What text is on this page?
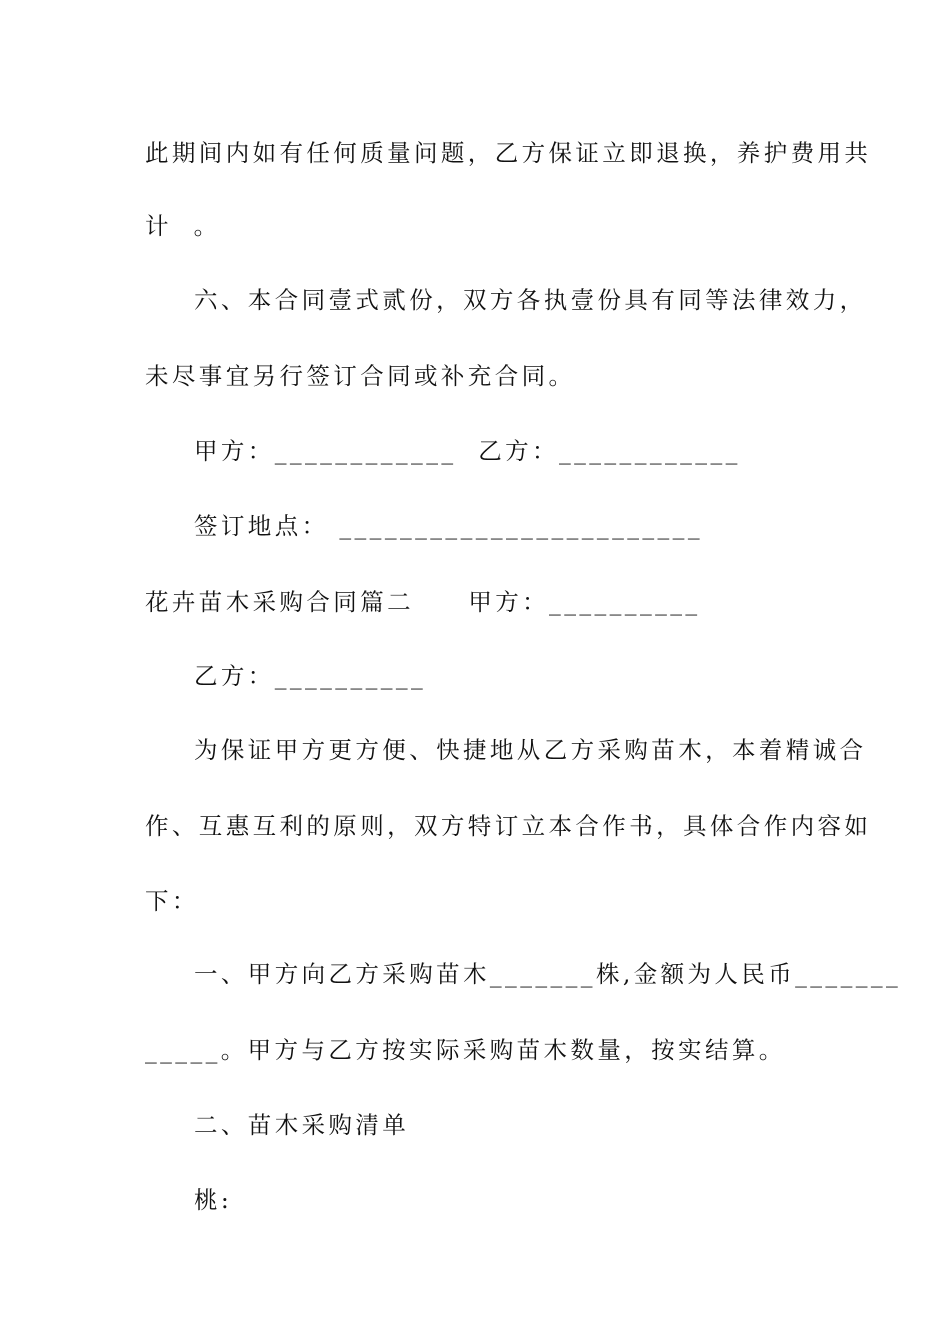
此期间内如有任何质量问题，乙方保证立即退换，养护费用共
计  。
六、本合同壹式贰份，双方各执壹份具有同等法律效力，
未尽事宜另行签订合同或补充合同。
甲方：____________  乙方：____________
签订地点： ________________________
花卉苗木采购合同篇二     甲方：__________
乙方：__________
为保证甲方更方便、快捷地从乙方采购苗木，本着精诚合
作、互惠互利的原则，双方特订立本合作书，具体合作内容如
下：
一、甲方向乙方采购苗木_______株,金额为人民币_______
_____。甲方与乙方按实际采购苗木数量，按实结算。
二、苗木采购清单
桃:
